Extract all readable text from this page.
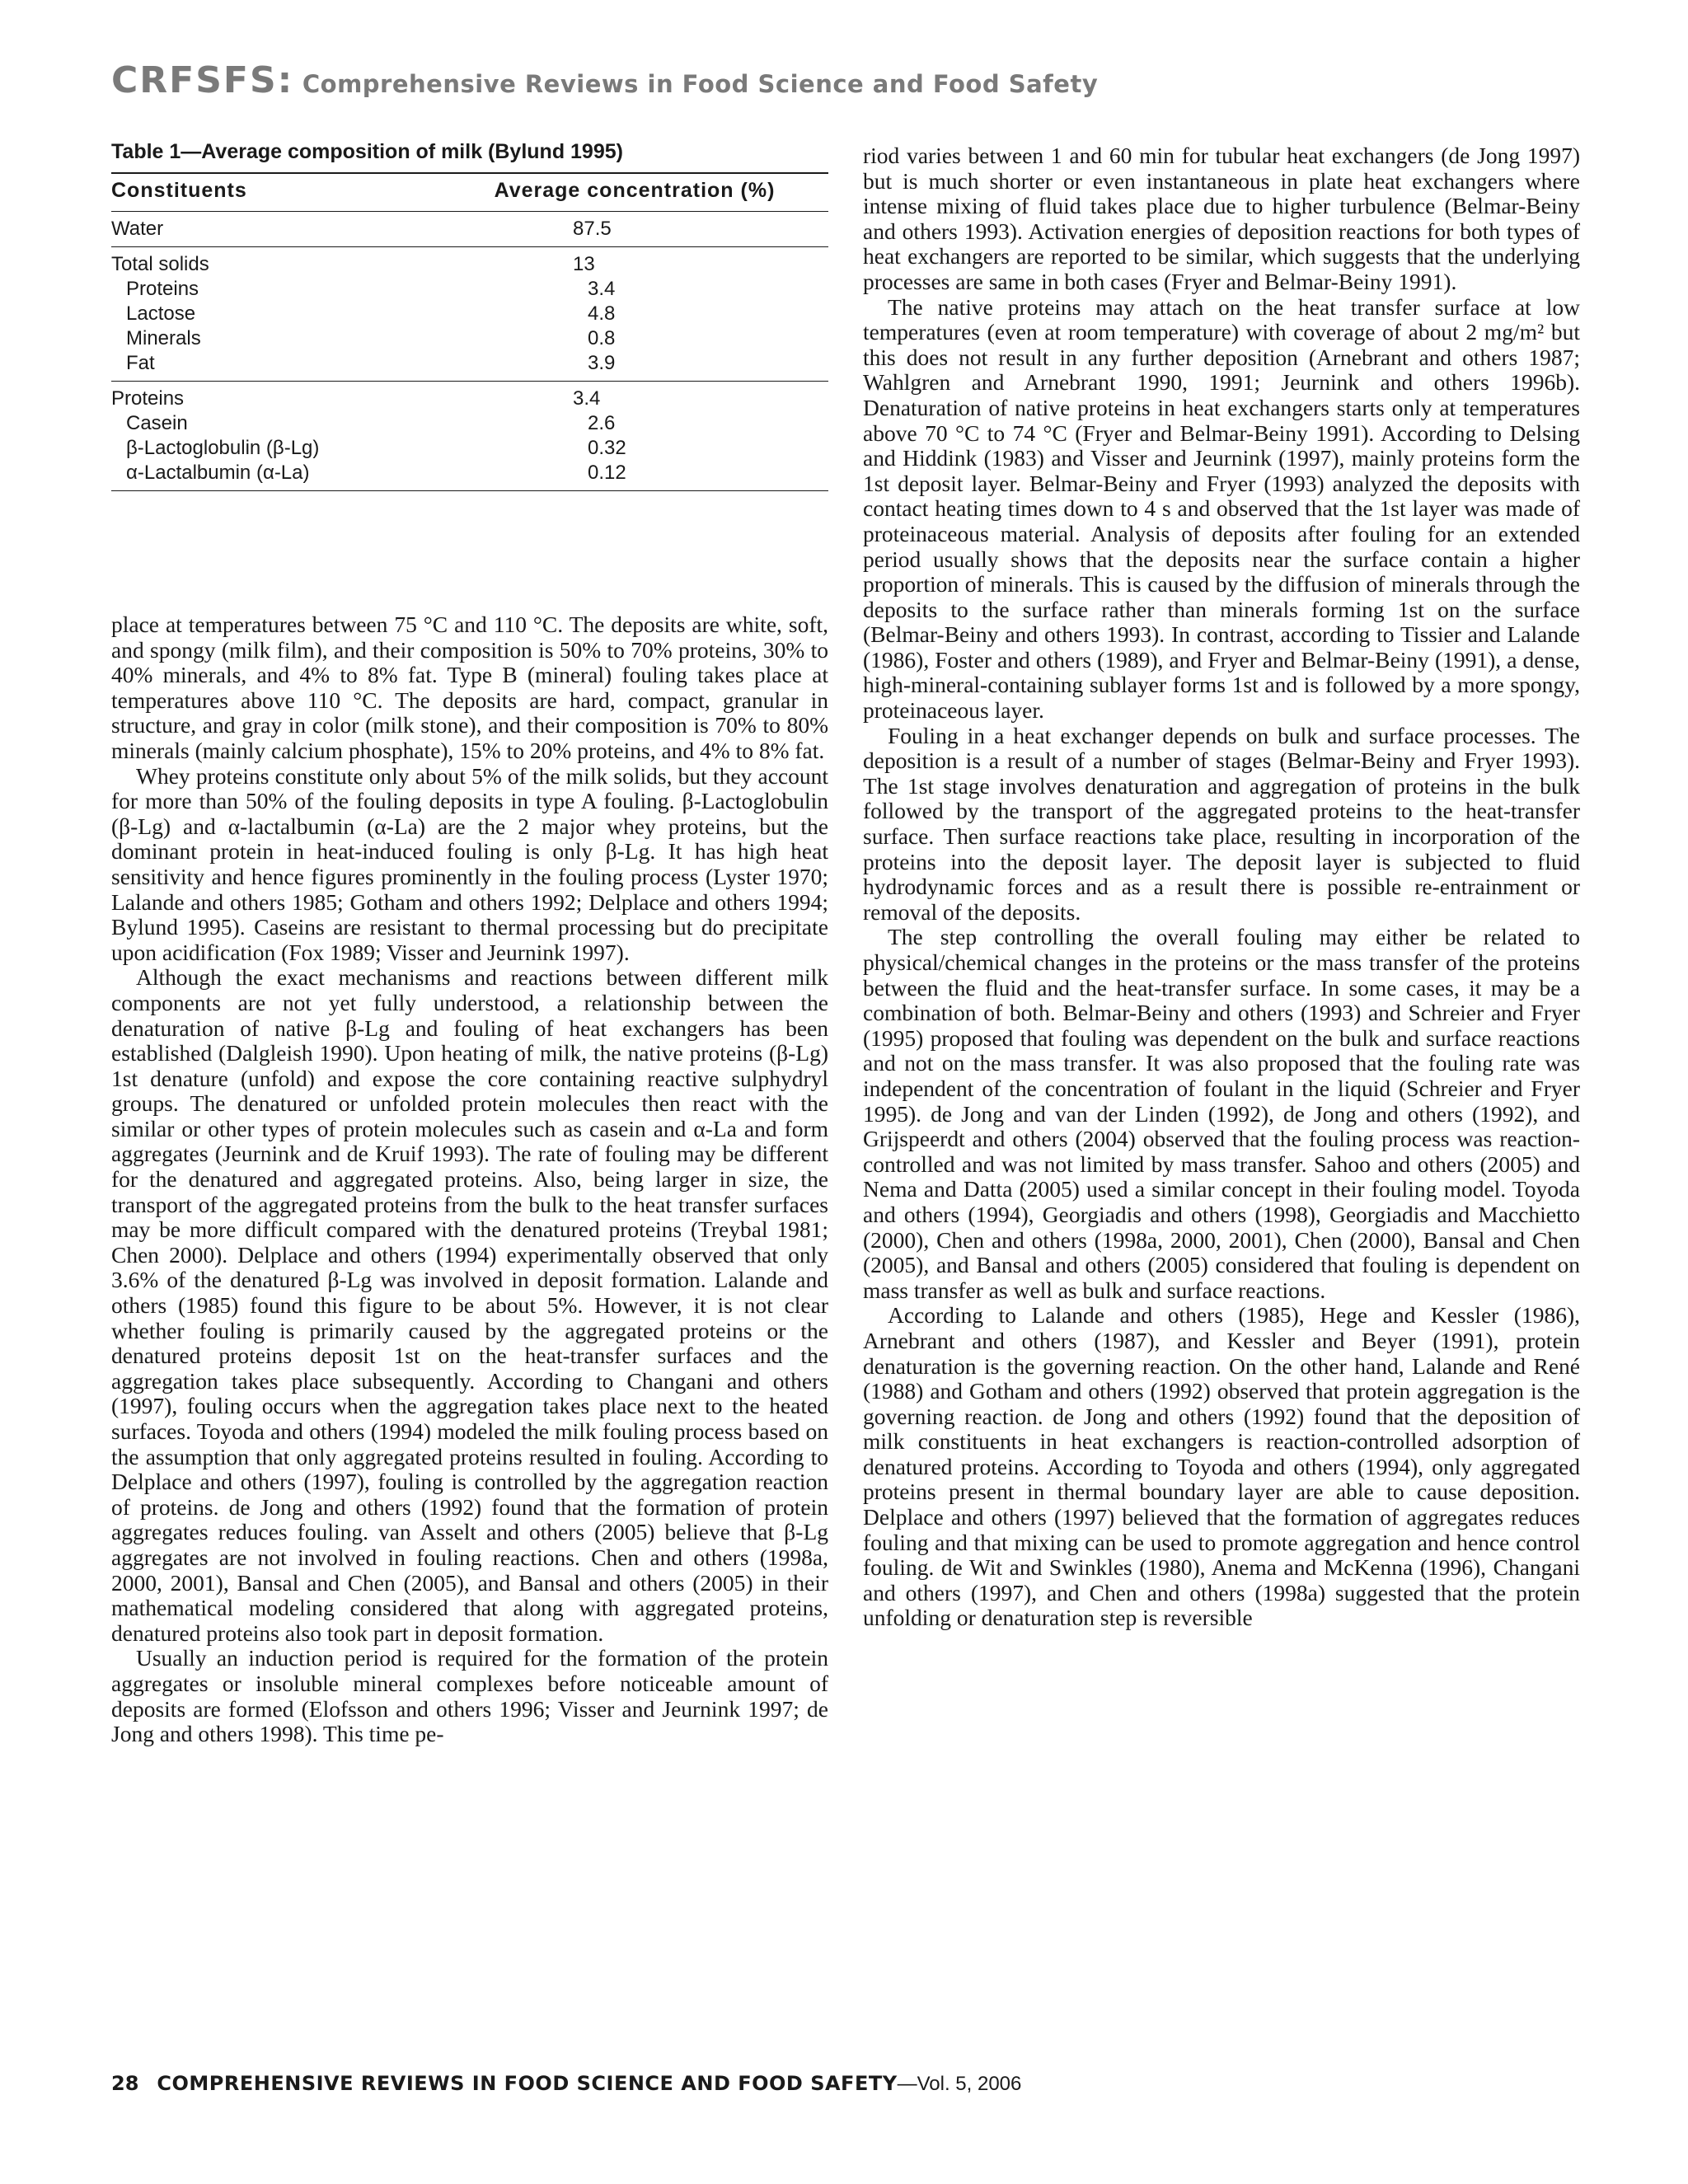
CRFSFS: Comprehensive Reviews in Food Science and Food Safety
Table 1—Average composition of milk (Bylund 1995)
Constituents	Average concentration (%)
Water	87.5
Total solids	13
Proteins	3.4
Lactose	4.8
Minerals	0.8
Fat	3.9
Proteins	3.4
Casein	2.6
β-Lactoglobulin (β-Lg)	0.32
α-Lactalbumin (α-La)	0.12

place at temperatures between 75 °C and 110 °C. The deposits are white, soft, and spongy (milk film), and their composition is 50% to 70% proteins, 30% to 40% minerals, and 4% to 8% fat. Type B (mineral) fouling takes place at temperatures above 110 °C. The deposits are hard, compact, granular in structure, and gray in color (milk stone), and their composition is 70% to 80% minerals (mainly calcium phosphate), 15% to 20% proteins, and 4% to 8% fat.

Whey proteins constitute only about 5% of the milk solids, but they account for more than 50% of the fouling deposits in type A fouling. β-Lactoglobulin (β-Lg) and α-lactalbumin (α-La) are the 2 major whey proteins, but the dominant protein in heat-induced fouling is only β-Lg. It has high heat sensitivity and hence figures prominently in the fouling process (Lyster 1970; Lalande and others 1985; Gotham and others 1992; Delplace and others 1994; Bylund 1995). Caseins are resistant to thermal processing but do precipitate upon acidification (Fox 1989; Visser and Jeurnink 1997).

Although the exact mechanisms and reactions between different milk components are not yet fully understood, a relationship between the denaturation of native β-Lg and fouling of heat exchangers has been established (Dalgleish 1990). Upon heating of milk, the native proteins (β-Lg) 1st denature (unfold) and expose the core containing reactive sulphydryl groups. The denatured or unfolded protein molecules then react with the similar or other types of protein molecules such as casein and α-La and form aggregates (Jeurnink and de Kruif 1993). The rate of fouling may be different for the denatured and aggregated proteins. Also, being larger in size, the transport of the aggregated proteins from the bulk to the heat transfer surfaces may be more difficult compared with the denatured proteins (Treybal 1981; Chen 2000). Delplace and others (1994) experimentally observed that only 3.6% of the denatured β-Lg was involved in deposit formation. Lalande and others (1985) found this figure to be about 5%. However, it is not clear whether fouling is primarily caused by the aggregated proteins or the denatured proteins deposit 1st on the heat-transfer surfaces and the aggregation takes place subsequently. According to Changani and others (1997), fouling occurs when the aggregation takes place next to the heated surfaces. Toyoda and others (1994) modeled the milk fouling process based on the assumption that only aggregated proteins resulted in fouling. According to Delplace and others (1997), fouling is controlled by the aggregation reaction of proteins. de Jong and others (1992) found that the formation of protein aggregates reduces fouling. van Asselt and others (2005) believe that β-Lg aggregates are not involved in fouling reactions. Chen and others (1998a, 2000, 2001), Bansal and Chen (2005), and Bansal and others (2005) in their mathematical modeling considered that along with aggregated proteins, denatured proteins also took part in deposit formation.

Usually an induction period is required for the formation of the protein aggregates or insoluble mineral complexes before noticeable amount of deposits are formed (Elofsson and others 1996; Visser and Jeurnink 1997; de Jong and others 1998). This time pe-

riod varies between 1 and 60 min for tubular heat exchangers (de Jong 1997) but is much shorter or even instantaneous in plate heat exchangers where intense mixing of fluid takes place due to higher turbulence (Belmar-Beiny and others 1993). Activation energies of deposition reactions for both types of heat exchangers are reported to be similar, which suggests that the underlying processes are same in both cases (Fryer and Belmar-Beiny 1991).

The native proteins may attach on the heat transfer surface at low temperatures (even at room temperature) with coverage of about 2 mg/m² but this does not result in any further deposition (Arnebrant and others 1987; Wahlgren and Arnebrant 1990, 1991; Jeurnink and others 1996b). Denaturation of native proteins in heat exchangers starts only at temperatures above 70 °C to 74 °C (Fryer and Belmar-Beiny 1991). According to Delsing and Hiddink (1983) and Visser and Jeurnink (1997), mainly proteins form the 1st deposit layer. Belmar-Beiny and Fryer (1993) analyzed the deposits with contact heating times down to 4 s and observed that the 1st layer was made of proteinaceous material. Analysis of deposits after fouling for an extended period usually shows that the deposits near the surface contain a higher proportion of minerals. This is caused by the diffusion of minerals through the deposits to the surface rather than minerals forming 1st on the surface (Belmar-Beiny and others 1993). In contrast, according to Tissier and Lalande (1986), Foster and others (1989), and Fryer and Belmar-Beiny (1991), a dense, high-mineral-containing sublayer forms 1st and is followed by a more spongy, proteinaceous layer.

Fouling in a heat exchanger depends on bulk and surface processes. The deposition is a result of a number of stages (Belmar-Beiny and Fryer 1993). The 1st stage involves denaturation and aggregation of proteins in the bulk followed by the transport of the aggregated proteins to the heat-transfer surface. Then surface reactions take place, resulting in incorporation of the proteins into the deposit layer. The deposit layer is subjected to fluid hydrodynamic forces and as a result there is possible re-entrainment or removal of the deposits.

The step controlling the overall fouling may either be related to physical/chemical changes in the proteins or the mass transfer of the proteins between the fluid and the heat-transfer surface. In some cases, it may be a combination of both. Belmar-Beiny and others (1993) and Schreier and Fryer (1995) proposed that fouling was dependent on the bulk and surface reactions and not on the mass transfer. It was also proposed that the fouling rate was independent of the concentration of foulant in the liquid (Schreier and Fryer 1995). de Jong and van der Linden (1992), de Jong and others (1992), and Grijspeerdt and others (2004) observed that the fouling process was reaction-controlled and was not limited by mass transfer. Sahoo and others (2005) and Nema and Datta (2005) used a similar concept in their fouling model. Toyoda and others (1994), Georgiadis and others (1998), Georgiadis and Macchietto (2000), Chen and others (1998a, 2000, 2001), Chen (2000), Bansal and Chen (2005), and Bansal and others (2005) considered that fouling is dependent on mass transfer as well as bulk and surface reactions.

According to Lalande and others (1985), Hege and Kessler (1986), Arnebrant and others (1987), and Kessler and Beyer (1991), protein denaturation is the governing reaction. On the other hand, Lalande and René (1988) and Gotham and others (1992) observed that protein aggregation is the governing reaction. de Jong and others (1992) found that the deposition of milk constituents in heat exchangers is reaction-controlled adsorption of denatured proteins. According to Toyoda and others (1994), only aggregated proteins present in thermal boundary layer are able to cause deposition. Delplace and others (1997) believed that the formation of aggregates reduces fouling and that mixing can be used to promote aggregation and hence control fouling. de Wit and Swinkles (1980), Anema and McKenna (1996), Changani and others (1997), and Chen and others (1998a) suggested that the protein unfolding or denaturation step is reversible

28 COMPREHENSIVE REVIEWS IN FOOD SCIENCE AND FOOD SAFETY—Vol. 5, 2006
